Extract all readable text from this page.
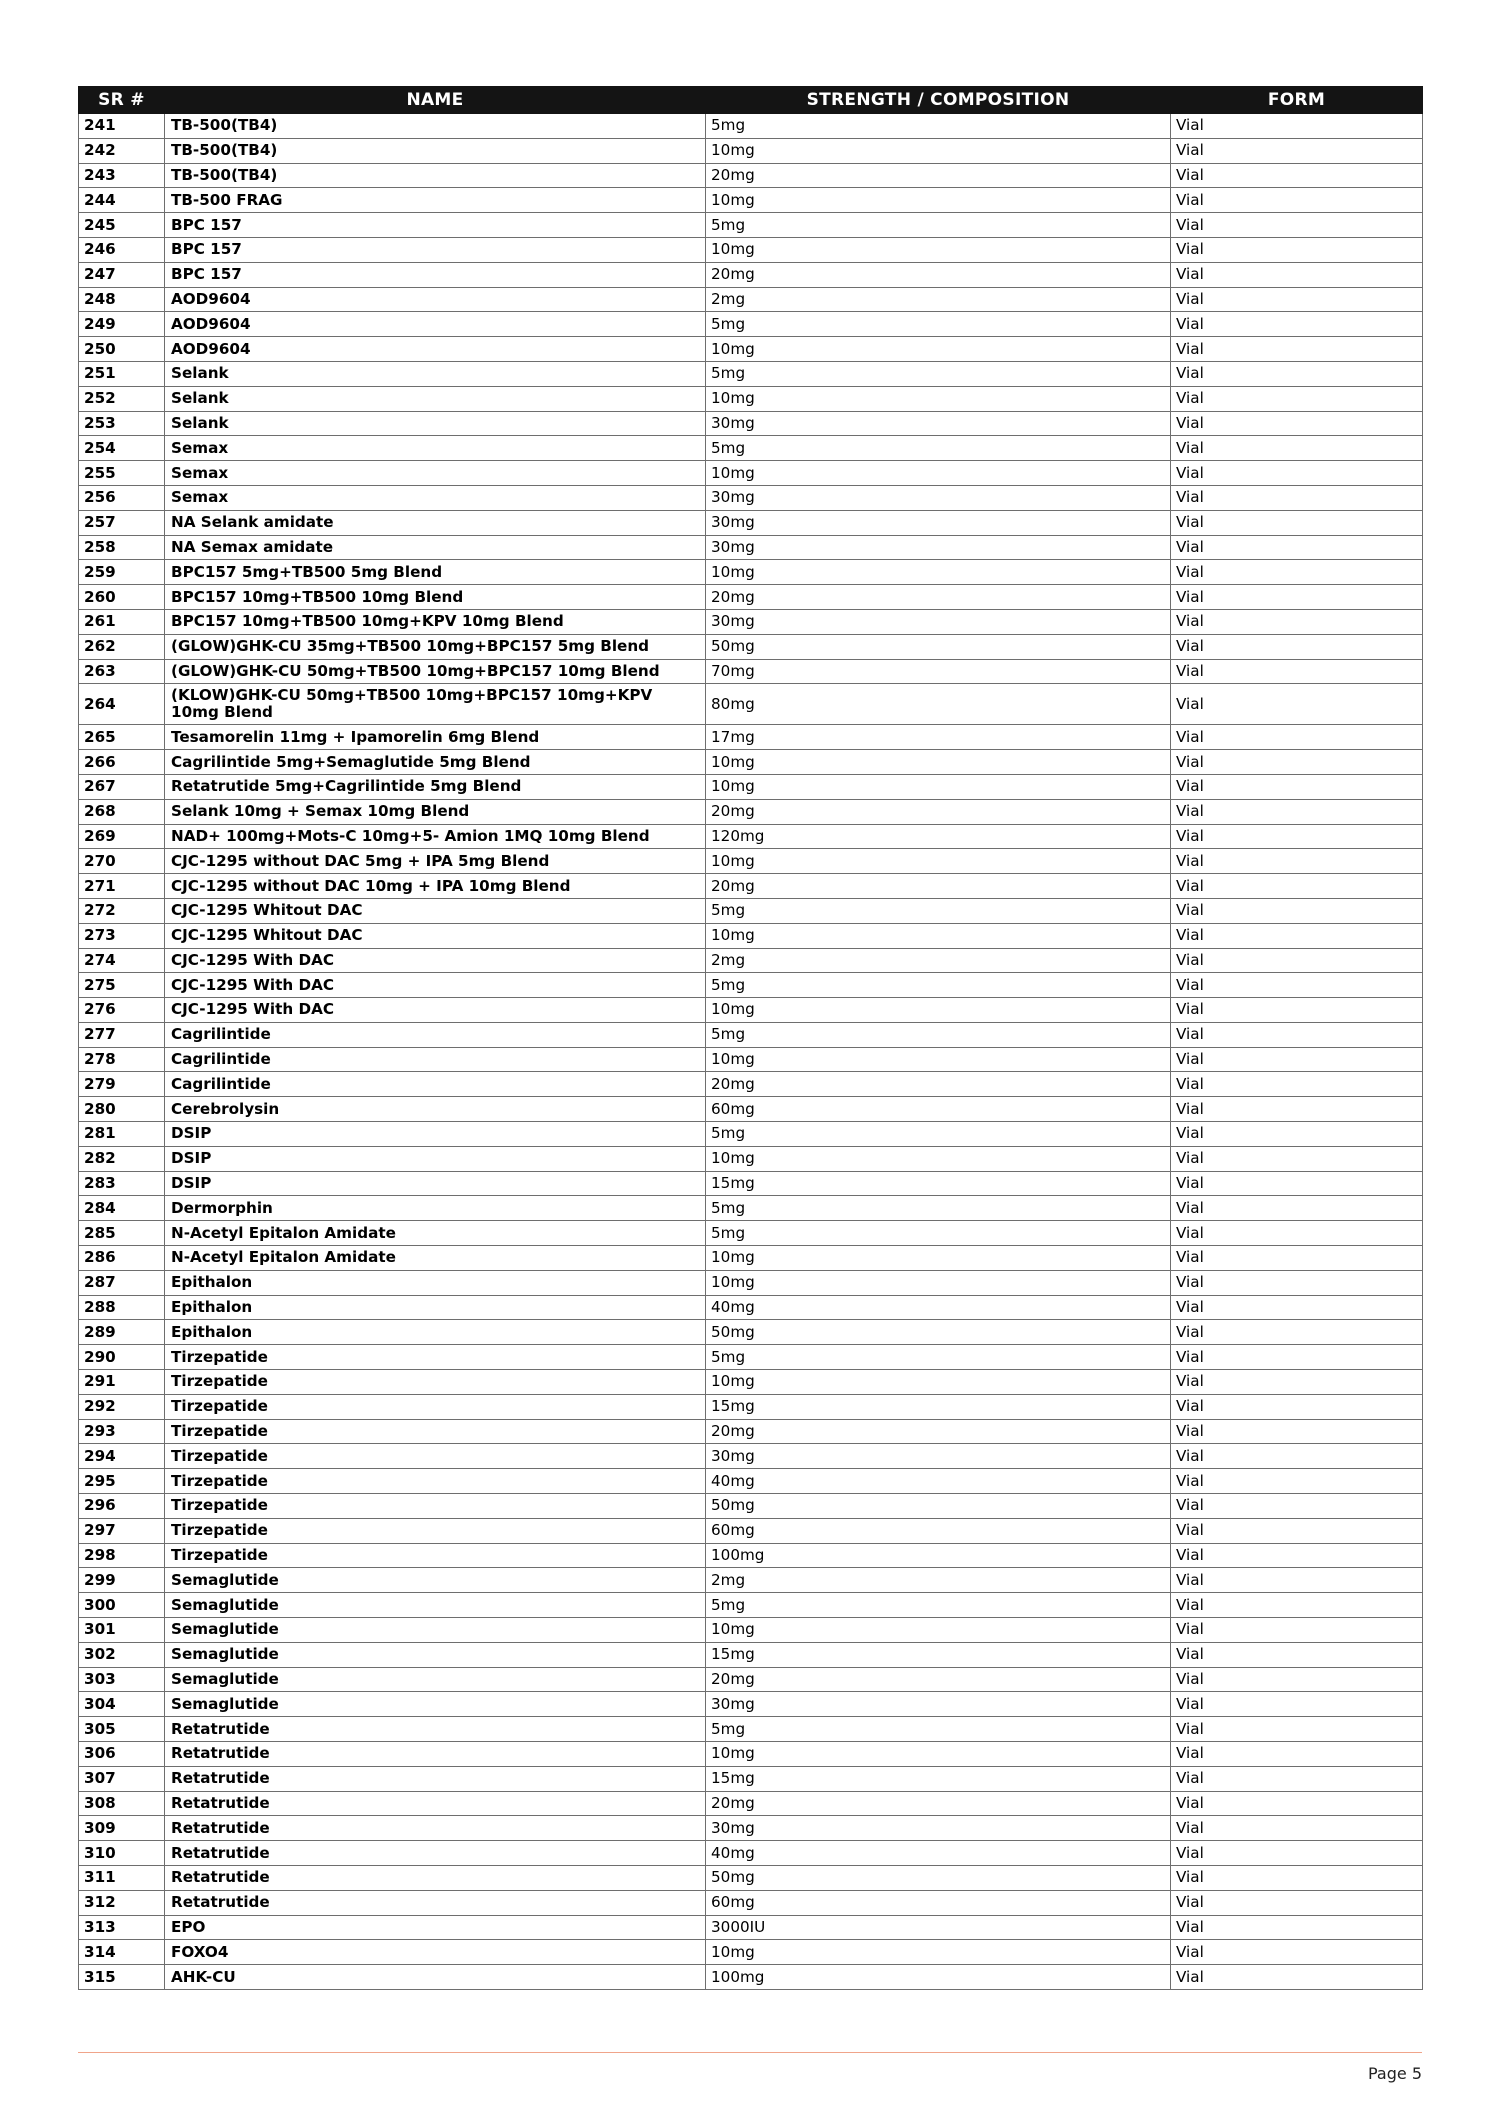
SR #	NAME	STRENGTH / COMPOSITION	FORM
241	TB-500(TB4)	5mg	Vial
242	TB-500(TB4)	10mg	Vial
243	TB-500(TB4)	20mg	Vial
244	TB-500 FRAG	10mg	Vial
245	BPC 157	5mg	Vial
246	BPC 157	10mg	Vial
247	BPC 157	20mg	Vial
248	AOD9604	2mg	Vial
249	AOD9604	5mg	Vial
250	AOD9604	10mg	Vial
251	Selank	5mg	Vial
252	Selank	10mg	Vial
253	Selank	30mg	Vial
254	Semax	5mg	Vial
255	Semax	10mg	Vial
256	Semax	30mg	Vial
257	NA Selank amidate	30mg	Vial
258	NA Semax amidate	30mg	Vial
259	BPC157 5mg+TB500 5mg Blend	10mg	Vial
260	BPC157 10mg+TB500 10mg Blend	20mg	Vial
261	BPC157 10mg+TB500 10mg+KPV 10mg Blend	30mg	Vial
262	(GLOW)GHK-CU 35mg+TB500 10mg+BPC157 5mg Blend	50mg	Vial
263	(GLOW)GHK-CU 50mg+TB500 10mg+BPC157 10mg Blend	70mg	Vial
264	(KLOW)GHK-CU 50mg+TB500 10mg+BPC157 10mg+KPV 10mg Blend	80mg	Vial
265	Tesamorelin 11mg + Ipamorelin 6mg Blend	17mg	Vial
266	Cagrilintide 5mg+Semaglutide 5mg Blend	10mg	Vial
267	Retatrutide 5mg+Cagrilintide 5mg Blend	10mg	Vial
268	Selank 10mg + Semax 10mg Blend	20mg	Vial
269	NAD+ 100mg+Mots-C 10mg+5- Amion 1MQ 10mg Blend	120mg	Vial
270	CJC-1295 without DAC 5mg + IPA 5mg Blend	10mg	Vial
271	CJC-1295 without DAC 10mg + IPA 10mg Blend	20mg	Vial
272	CJC-1295 Whitout DAC	5mg	Vial
273	CJC-1295 Whitout DAC	10mg	Vial
274	CJC-1295 With DAC	2mg	Vial
275	CJC-1295 With DAC	5mg	Vial
276	CJC-1295 With DAC	10mg	Vial
277	Cagrilintide	5mg	Vial
278	Cagrilintide	10mg	Vial
279	Cagrilintide	20mg	Vial
280	Cerebrolysin	60mg	Vial
281	DSIP	5mg	Vial
282	DSIP	10mg	Vial
283	DSIP	15mg	Vial
284	Dermorphin	5mg	Vial
285	N-Acetyl Epitalon Amidate	5mg	Vial
286	N-Acetyl Epitalon Amidate	10mg	Vial
287	Epithalon	10mg	Vial
288	Epithalon	40mg	Vial
289	Epithalon	50mg	Vial
290	Tirzepatide	5mg	Vial
291	Tirzepatide	10mg	Vial
292	Tirzepatide	15mg	Vial
293	Tirzepatide	20mg	Vial
294	Tirzepatide	30mg	Vial
295	Tirzepatide	40mg	Vial
296	Tirzepatide	50mg	Vial
297	Tirzepatide	60mg	Vial
298	Tirzepatide	100mg	Vial
299	Semaglutide	2mg	Vial
300	Semaglutide	5mg	Vial
301	Semaglutide	10mg	Vial
302	Semaglutide	15mg	Vial
303	Semaglutide	20mg	Vial
304	Semaglutide	30mg	Vial
305	Retatrutide	5mg	Vial
306	Retatrutide	10mg	Vial
307	Retatrutide	15mg	Vial
308	Retatrutide	20mg	Vial
309	Retatrutide	30mg	Vial
310	Retatrutide	40mg	Vial
311	Retatrutide	50mg	Vial
312	Retatrutide	60mg	Vial
313	EPO	3000IU	Vial
314	FOXO4	10mg	Vial
315	AHK-CU	100mg	Vial
Page 5
